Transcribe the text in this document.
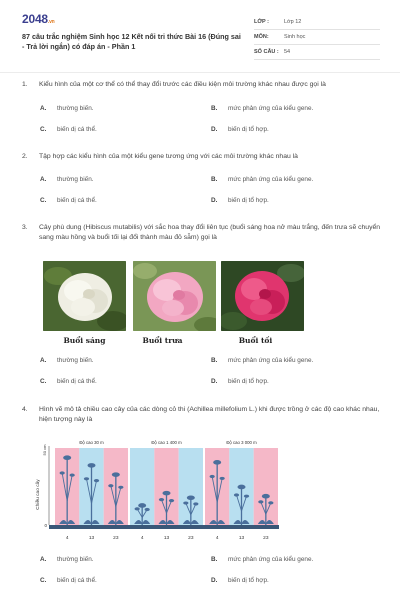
2048.vn
87 câu trắc nghiệm Sinh học 12 Kết nối tri thức Bài 16 (Đúng sai - Trả lời ngắn) có đáp án - Phần 1
LỚP :	Lớp 12
MÔN:	Sinh học
SỐ CÂU : 54
1.	Kiểu hình của một cơ thể có thể thay đổi trước các điều kiện môi trường khác nhau được gọi là
A. thường biến.	B. mức phản ứng của kiểu gene.
C. biến dị cá thể.	D. biến dị tổ hợp.
2.	Tập hợp các kiểu hình của một kiểu gene tương ứng với các môi trường khác nhau là
A. thường biến.	B. mức phản ứng của kiểu gene.
C. biến dị cá thể.	D. biến dị tổ hợp.
3.	Cây phù dung (Hibiscus mutabilis) với sắc hoa thay đổi liên tục (buổi sáng hoa nở màu trắng, đến trưa sẽ chuyển sang màu hồng và buổi tối lại đổi thành màu đỏ sẫm) gọi là
Buổi sáng	Buổi trưa	Buổi tối
A. thường biến.	B. mức phản ứng của kiểu gene.
C. biến dị cá thể.	D. biến dị tổ hợp.
4.	Hình vẽ mô tả chiều cao cây của các dòng cỏ thi (Achillea millefolium L.) khi được trồng ở các độ cao khác nhau, hiện tượng này là
50 cm
0
Chiều cao cây
Độ cao 30 m
4	13	23
Độ cao 1 400 m
4	13	23
Độ cao 3 000 m
4	13	23
A. thường biến.	B. mức phản ứng của kiểu gene.
C. biến dị cá thể.	D. biến dị tổ hợp.
